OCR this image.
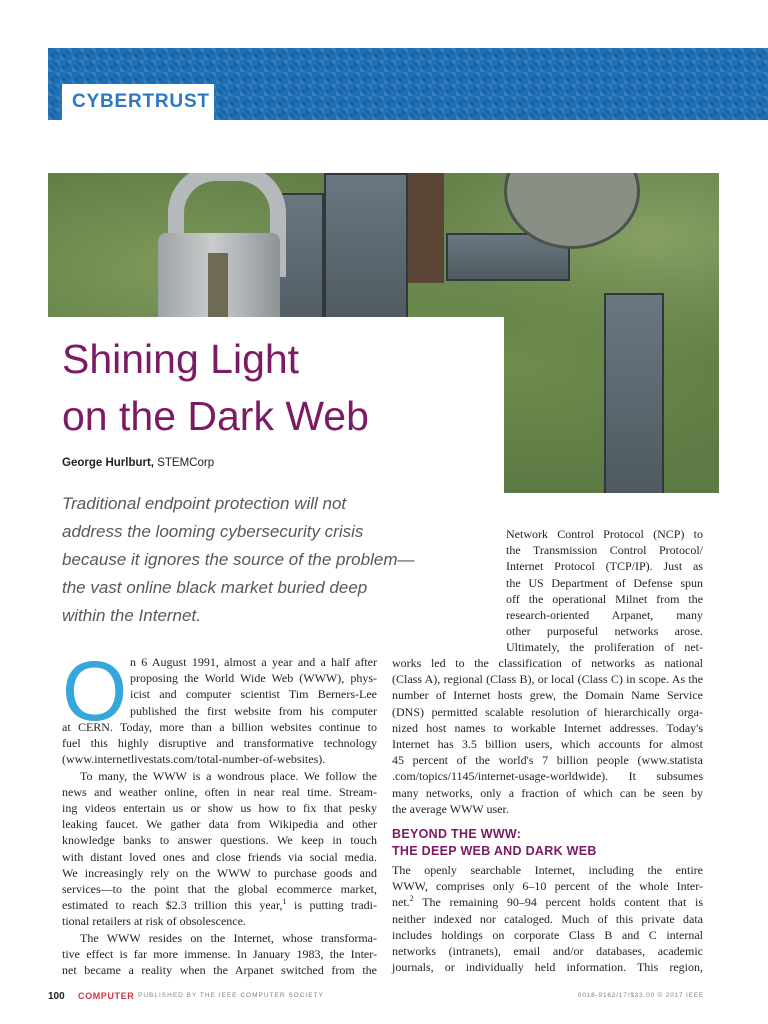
CYBERTRUST
Shining Light
on the Dark Web
George Hurlburt, STEMCorp

Traditional endpoint protection will not

address the looming cybersecurity crisis

because it ignores the source of the problem—

the vast online black market buried deep

within the Internet.

O n 6 August 1991, almost a year and a half after
proposing the World Wide Web (WWW), phys-
icist and computer scientist Tim Berners-Lee
published the first website from his computer
at CERN. Today, more than a billion websites continue to
fuel this highly disruptive and transformative technology
(www.internetlivestats.com/total-number-of-websites).
To many, the WWW is a wondrous place. We follow the
news and weather online, often in near real time. Stream-
ing videos entertain us or show us how to fix that pesky
leaking faucet. We gather data from Wikipedia and other
knowledge banks to answer questions. We keep in touch
with distant loved ones and close friends via social media.
We increasingly rely on the WWW to purchase goods and
services—to the point that the global ecommerce market,
estimated to reach $2.3 trillion this year,$^1$ is putting tradi-
tional retailers at risk of obsolescence.
The WWW resides on the Internet, whose transforma-
tive effect is far more immense. In January 1983, the Inter-
net became a reality when the Arpanet switched from the
Network Control Protocol (NCP) to
the Transmission Control Protocol/
Internet Protocol (TCP/IP). Just as
the US Department of Defense spun
off the operational Milnet from the
research-oriented Arpanet, many
other purposeful networks arose.
Ultimately, the proliferation of net-
works led to the classification of networks as national
(Class A), regional (Class B), or local (Class C) in scope. As the
number of Internet hosts grew, the Domain Name Service
(DNS) permitted scalable resolution of hierarchically orga-
nized host names to workable Internet addresses. Today's
Internet has 3.5 billion users, which accounts for almost
45 percent of the world's 7 billion people (www.statista
.com/topics/1145/internet-usage-worldwide). It subsumes
many networks, only a fraction of which can be seen by
the average WWW user.
BEYOND THE WWW:
THE DEEP WEB AND DARK WEB
The openly searchable Internet, including the entire
WWW, comprises only 6–10 percent of the whole Inter-
net.$^2$ The remaining 90–94 percent holds content that is
neither indexed nor cataloged. Much of this private data
includes holdings on corporate Class B and C internal
networks (intranets), email and/or databases, academic
journals, or individually held information. This region,
100 COMPUTER PUBLISHED BY THE IEEE COMPUTER SOCIETY	0018-9162/17/$33.00 © 2017 IEEE
